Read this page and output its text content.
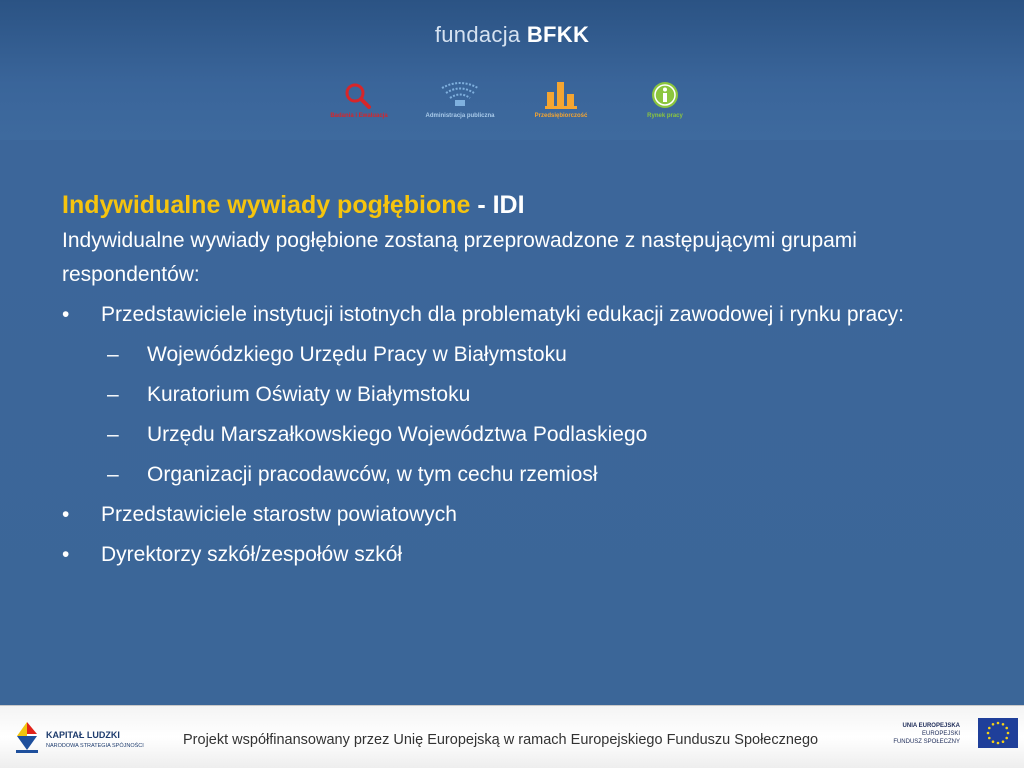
fundacja BFKK
Badania i Ewaluacja	Administracja publiczna	Przedsiębiorczość	Rynek pracy
Indywidualne wywiady pogłębione - IDI

Indywidualne wywiady pogłębione zostaną przeprowadzone z następującymi grupami respondentów:

•	Przedstawiciele instytucji istotnych dla problematyki edukacji zawodowej i rynku pracy:
– Wojewódzkiego Urzędu Pracy w Białymstoku
– Kuratorium Oświaty w Białymstoku
– Urzędu Marszałkowskiego Województwa Podlaskiego
– Organizacji pracodawców, w tym cechu rzemiosł
•	Przedstawiciele starostw powiatowych
•	Dyrektorzy szkół/zespołów szkół
KAPITAŁ LUDZKI
NARODOWA STRATEGIA SPÓJNOŚCI	Projekt współfinansowany przez Unię Europejską w ramach Europejskiego Funduszu Społecznego
UNIA EUROPEJSKA
EUROPEJSKI
FUNDUSZ SPOŁECZNY
